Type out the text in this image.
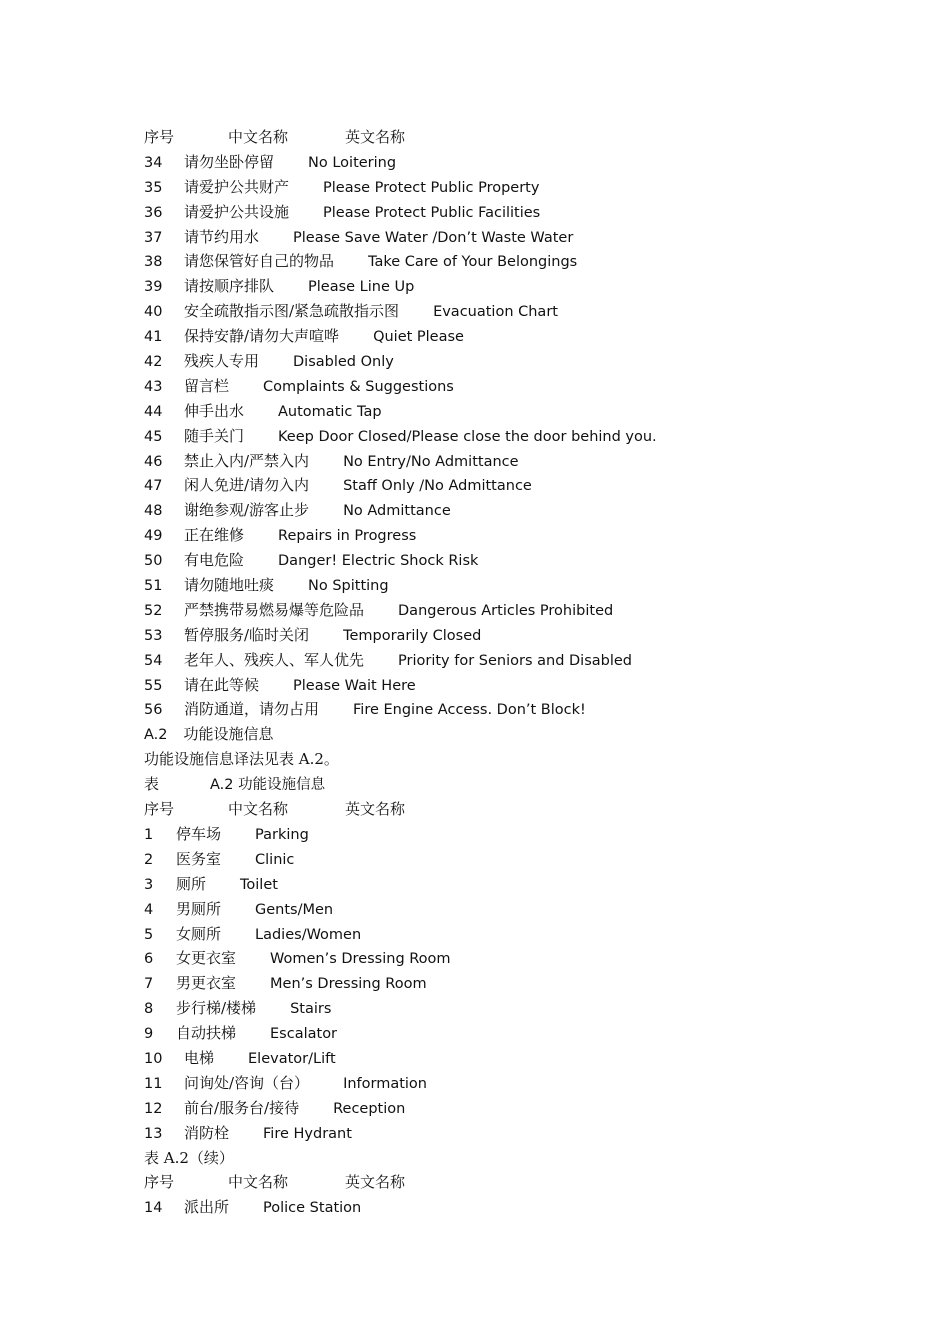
序号	中文名称	英文名称
34 请勿坐卧停留 No Loitering
35 请爱护公共财产 Please Protect Public Property
36 请爱护公共设施 Please Protect Public Facilities
37 请节约用水 Please Save Water /Don’t Waste Water
38 请您保管好自己的物品 Take Care of Your Belongings
39 请按顺序排队 Please Line Up
40 安全疏散指示图/紧急疏散指示图 Evacuation Chart
41 保持安静/请勿大声喧哗 Quiet Please
42 残疾人专用 Disabled Only
43 留言栏 Complaints & Suggestions
44 伸手出水 Automatic Tap
45 随手关门 Keep Door Closed/Please close the door behind you.
46 禁止入内/严禁入内 No Entry/No Admittance
47 闲人免进/请勿入内 Staff Only /No Admittance
48 谢绝参观/游客止步 No Admittance
49 正在维修 Repairs in Progress
50 有电危险 Danger! Electric Shock Risk
51 请勿随地吐痰 No Spitting
52 严禁携带易燃易爆等危险品 Dangerous Articles Prohibited
53 暂停服务/临时关闭 Temporarily Closed
54 老年人、残疾人、军人优先 Priority for Seniors and Disabled
55 请在此等候 Please Wait Here
56 消防通道，请勿占用 Fire Engine Access. Don’t Block!
A.2 功能设施信息
功能设施信息译法见表 A.2。
表	A.2 功能设施信息
序号	中文名称	英文名称
1 停车场 Parking
2 医务室 Clinic
3 厕所 Toilet
4 男厕所 Gents/Men
5 女厕所 Ladies/Women
6 女更衣室 Women’s Dressing Room
7 男更衣室 Men’s Dressing Room
8 步行梯/楼梯 Stairs
9 自动扶梯 Escalator
10 电梯 Elevator/Lift
11 问询处/咨询（台） Information
12 前台/服务台/接待 Reception
13 消防栓 Fire Hydrant
表 A.2（续）
序号	中文名称	英文名称
14 派出所 Police Station
